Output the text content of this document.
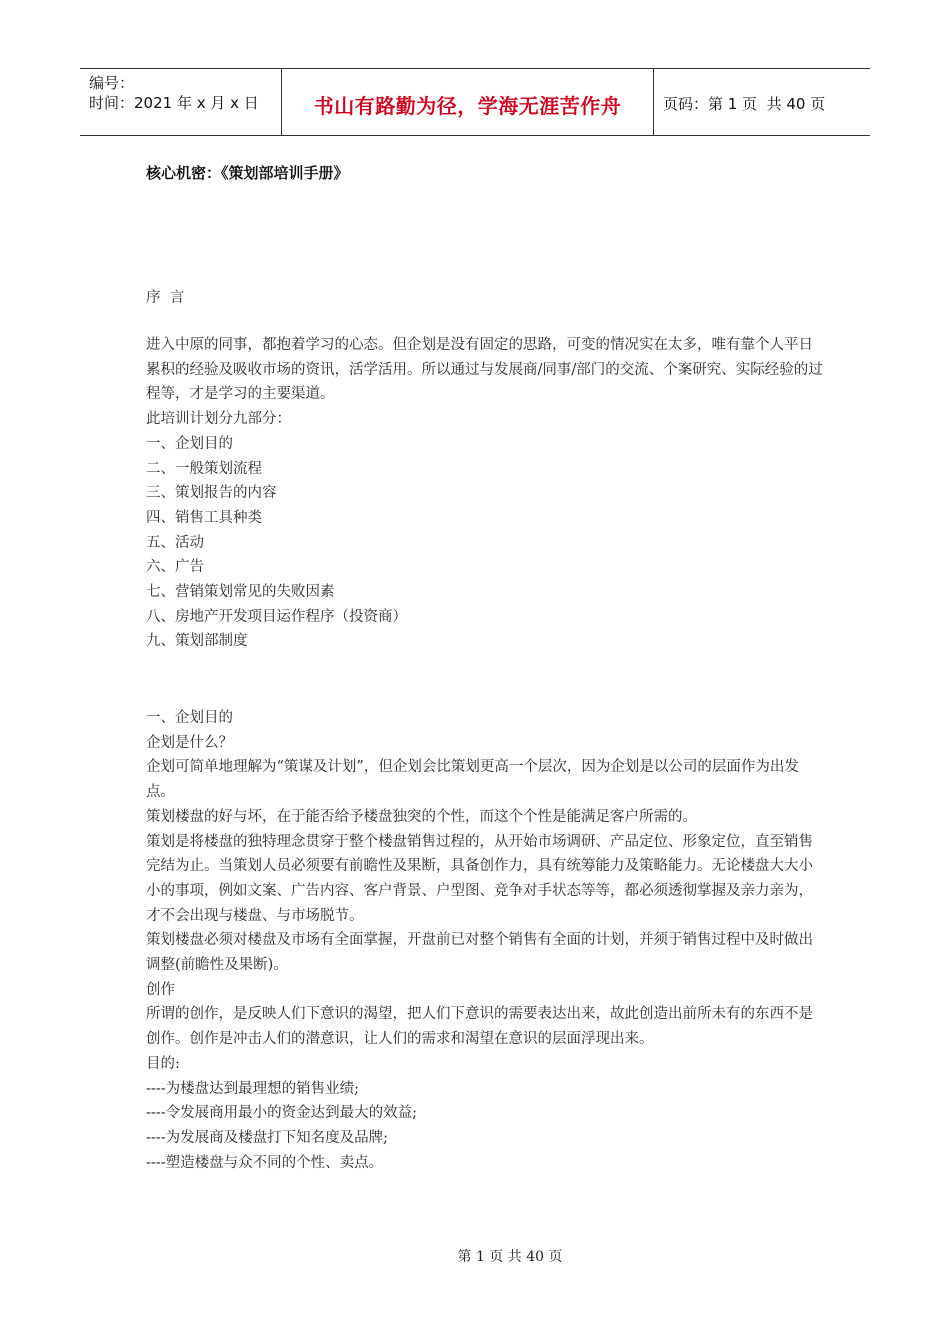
编号：
时间：2021 年 x 月 x 日	书山有路勤为径，学海无涯苦作舟	页码：第 1 页  共 40 页
核心机密：《策划部培训手册》
序  言

进入中原的同事，都抱着学习的心态。但企划是没有固定的思路，可变的情况实在太多，唯有靠个人平日累积的经验及吸收市场的资讯，活学活用。所以通过与发展商/同事/部门的交流、个案研究、实际经验的过程等，才是学习的主要渠道。

此培训计划分九部分：

一、企划目的

二、一般策划流程

三、策划报告的内容

四、销售工具种类

五、活动

六、广告

七、营销策划常见的失败因素

八、房地产开发项目运作程序（投资商）

九、策划部制度

一、企划目的

企划是什么？

企划可简单地理解为“策谋及计划”，但企划会比策划更高一个层次，因为企划是以公司的层面作为出发点。

策划楼盘的好与坏，在于能否给予楼盘独突的个性，而这个个性是能满足客户所需的。

策划是将楼盘的独特理念贯穿于整个楼盘销售过程的，从开始市场调研、产品定位、形象定位，直至销售完结为止。当策划人员必须要有前瞻性及果断，具备创作力，具有统筹能力及策略能力。无论楼盘大大小小的事项，例如文案、广告内容、客户背景、户型图、竞争对手状态等等，都必须透彻掌握及亲力亲为，才不会出现与楼盘、与市场脱节。

策划楼盘必须对楼盘及市场有全面掌握，开盘前已对整个销售有全面的计划，并须于销售过程中及时做出调整(前瞻性及果断)。

创作

所谓的创作，是反映人们下意识的渴望，把人们下意识的需要表达出来，故此创造出前所未有的东西不是创作。创作是冲击人们的潜意识，让人们的需求和渴望在意识的层面浮现出来。

目的:

----为楼盘达到最理想的销售业绩;

----令发展商用最小的资金达到最大的效益;

----为发展商及楼盘打下知名度及品牌;

----塑造楼盘与众不同的个性、卖点。

第 1 页 共 40 页
